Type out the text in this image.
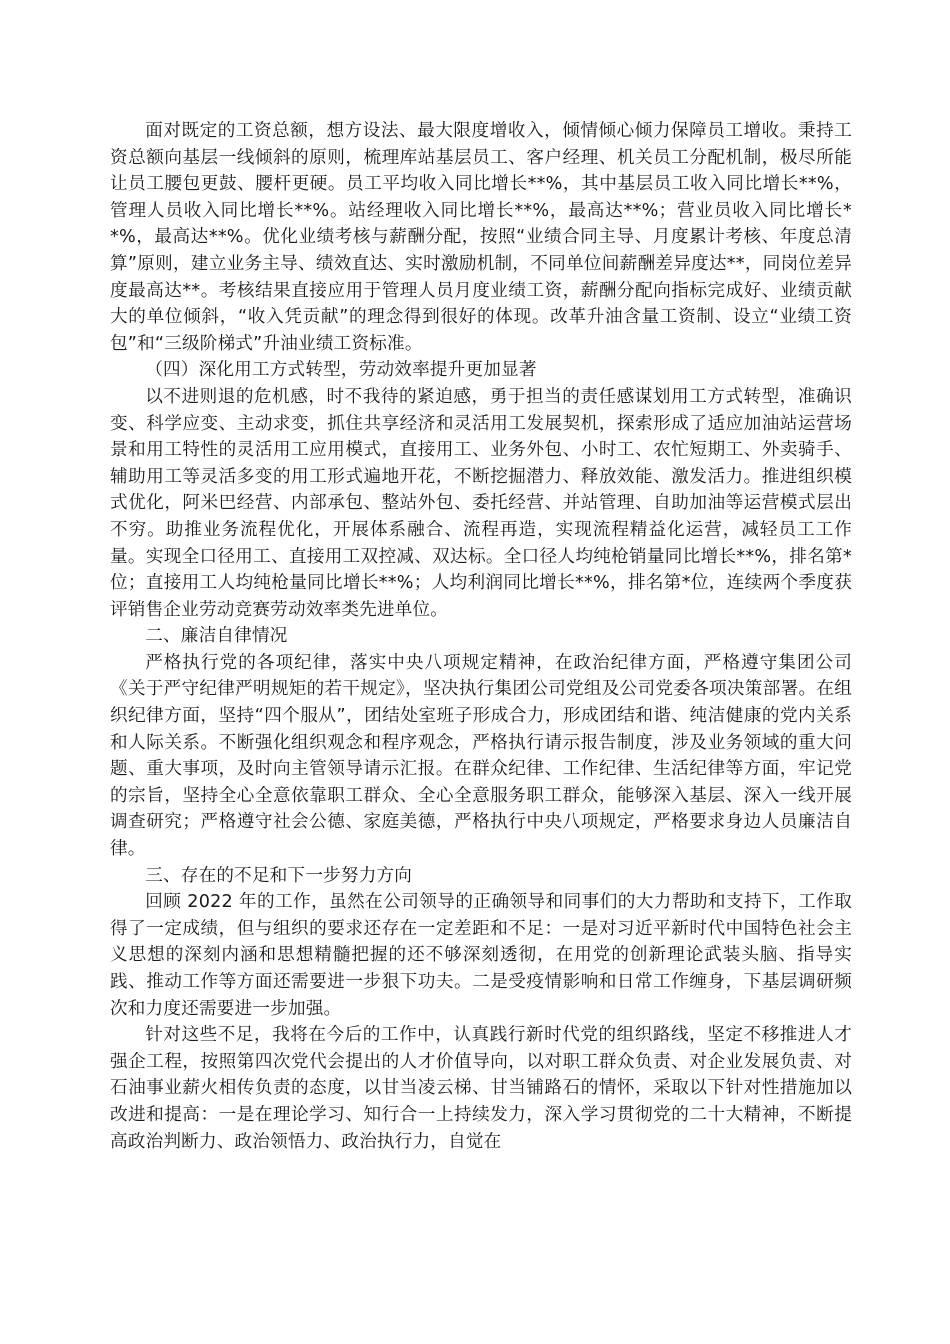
面对既定的工资总额，想方设法、最大限度增收入，倾情倾心倾力保障员工增收。秉持工资总额向基层一线倾斜的原则，梳理库站基层员工、客户经理、机关员工分配机制，极尽所能让员工腰包更鼓、腰杆更硬。员工平均收入同比增长**%，其中基层员工收入同比增长**%，管理人员收入同比增长**%。站经理收入同比增长**%，最高达**%；营业员收入同比增长**%，最高达**%。优化业绩考核与薪酬分配，按照“业绩合同主导、月度累计考核、年度总清算”原则，建立业务主导、绩效直达、实时激励机制，不同单位间薪酬差异度达**，同岗位差异度最高达**。考核结果直接应用于管理人员月度业绩工资，薪酬分配向指标完成好、业绩贡献大的单位倾斜，“收入凭贡献”的理念得到很好的体现。改革升油含量工资制、设立“业绩工资包”和“三级阶梯式”升油业绩工资标准。

（四）深化用工方式转型，劳动效率提升更加显著

以不进则退的危机感，时不我待的紧迫感，勇于担当的责任感谋划用工方式转型，准确识变、科学应变、主动求变，抓住共享经济和灵活用工发展契机，探索形成了适应加油站运营场景和用工特性的灵活用工应用模式，直接用工、业务外包、小时工、农忙短期工、外卖骑手、辅助用工等灵活多变的用工形式遍地开花，不断挖掘潜力、释放效能、激发活力。推进组织模式优化，阿米巴经营、内部承包、整站外包、委托经营、并站管理、自助加油等运营模式层出不穷。助推业务流程优化，开展体系融合、流程再造，实现流程精益化运营，减轻员工工作量。实现全口径用工、直接用工双控减、双达标。全口径人均纯枪销量同比增长**%，排名第*位；直接用工人均纯枪量同比增长**%；人均利润同比增长**%，排名第*位，连续两个季度获评销售企业劳动竞赛劳动效率类先进单位。

二、廉洁自律情况

严格执行党的各项纪律，落实中央八项规定精神，在政治纪律方面，严格遵守集团公司《关于严守纪律严明规矩的若干规定》，坚决执行集团公司党组及公司党委各项决策部署。在组织纪律方面，坚持“四个服从”，团结处室班子形成合力，形成团结和谐、纯洁健康的党内关系和人际关系。不断强化组织观念和程序观念，严格执行请示报告制度，涉及业务领域的重大问题、重大事项，及时向主管领导请示汇报。在群众纪律、工作纪律、生活纪律等方面，牢记党的宗旨，坚持全心全意依靠职工群众、全心全意服务职工群众，能够深入基层、深入一线开展调查研究；严格遵守社会公德、家庭美德，严格执行中央八项规定，严格要求身边人员廉洁自律。

三、存在的不足和下一步努力方向

回顾 2022 年的工作，虽然在公司领导的正确领导和同事们的大力帮助和支持下，工作取得了一定成绩，但与组织的要求还存在一定差距和不足：一是对习近平新时代中国特色社会主义思想的深刻内涵和思想精髓把握的还不够深刻透彻，在用党的创新理论武装头脑、指导实践、推动工作等方面还需要进一步狠下功夫。二是受疫情影响和日常工作缠身，下基层调研频次和力度还需要进一步加强。

针对这些不足，我将在今后的工作中，认真践行新时代党的组织路线，坚定不移推进人才强企工程，按照第四次党代会提出的人才价值导向，以对职工群众负责、对企业发展负责、对石油事业薪火相传负责的态度，以甘当凌云梯、甘当铺路石的情怀，采取以下针对性措施加以改进和提高：一是在理论学习、知行合一上持续发力，深入学习贯彻党的二十大精神，不断提高政治判断力、政治领悟力、政治执行力，自觉在
